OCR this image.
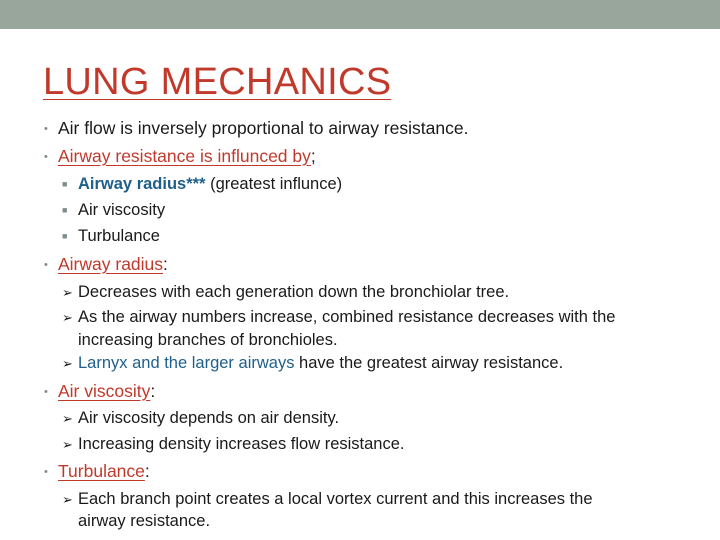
LUNG MECHANICS
• Air flow is inversely proportional to airway resistance.
• Airway resistance is influnced by;
■ Airway radius*** (greatest influnce)
■ Air viscosity
■ Turbulance
• Airway radius:
➢ Decreases with each generation down the bronchiolar tree.
➢ As the airway numbers increase, combined resistance decreases with the
increasing branches of bronchioles.
➢ Larnyx and the larger airways have the greatest airway resistance.
• Air viscosity:
➢ Air viscosity depends on air density.
➢ Increasing density increases flow resistance.
• Turbulance:
➢ Each branch point creates a local vortex current and this increases the
airway resistance.
